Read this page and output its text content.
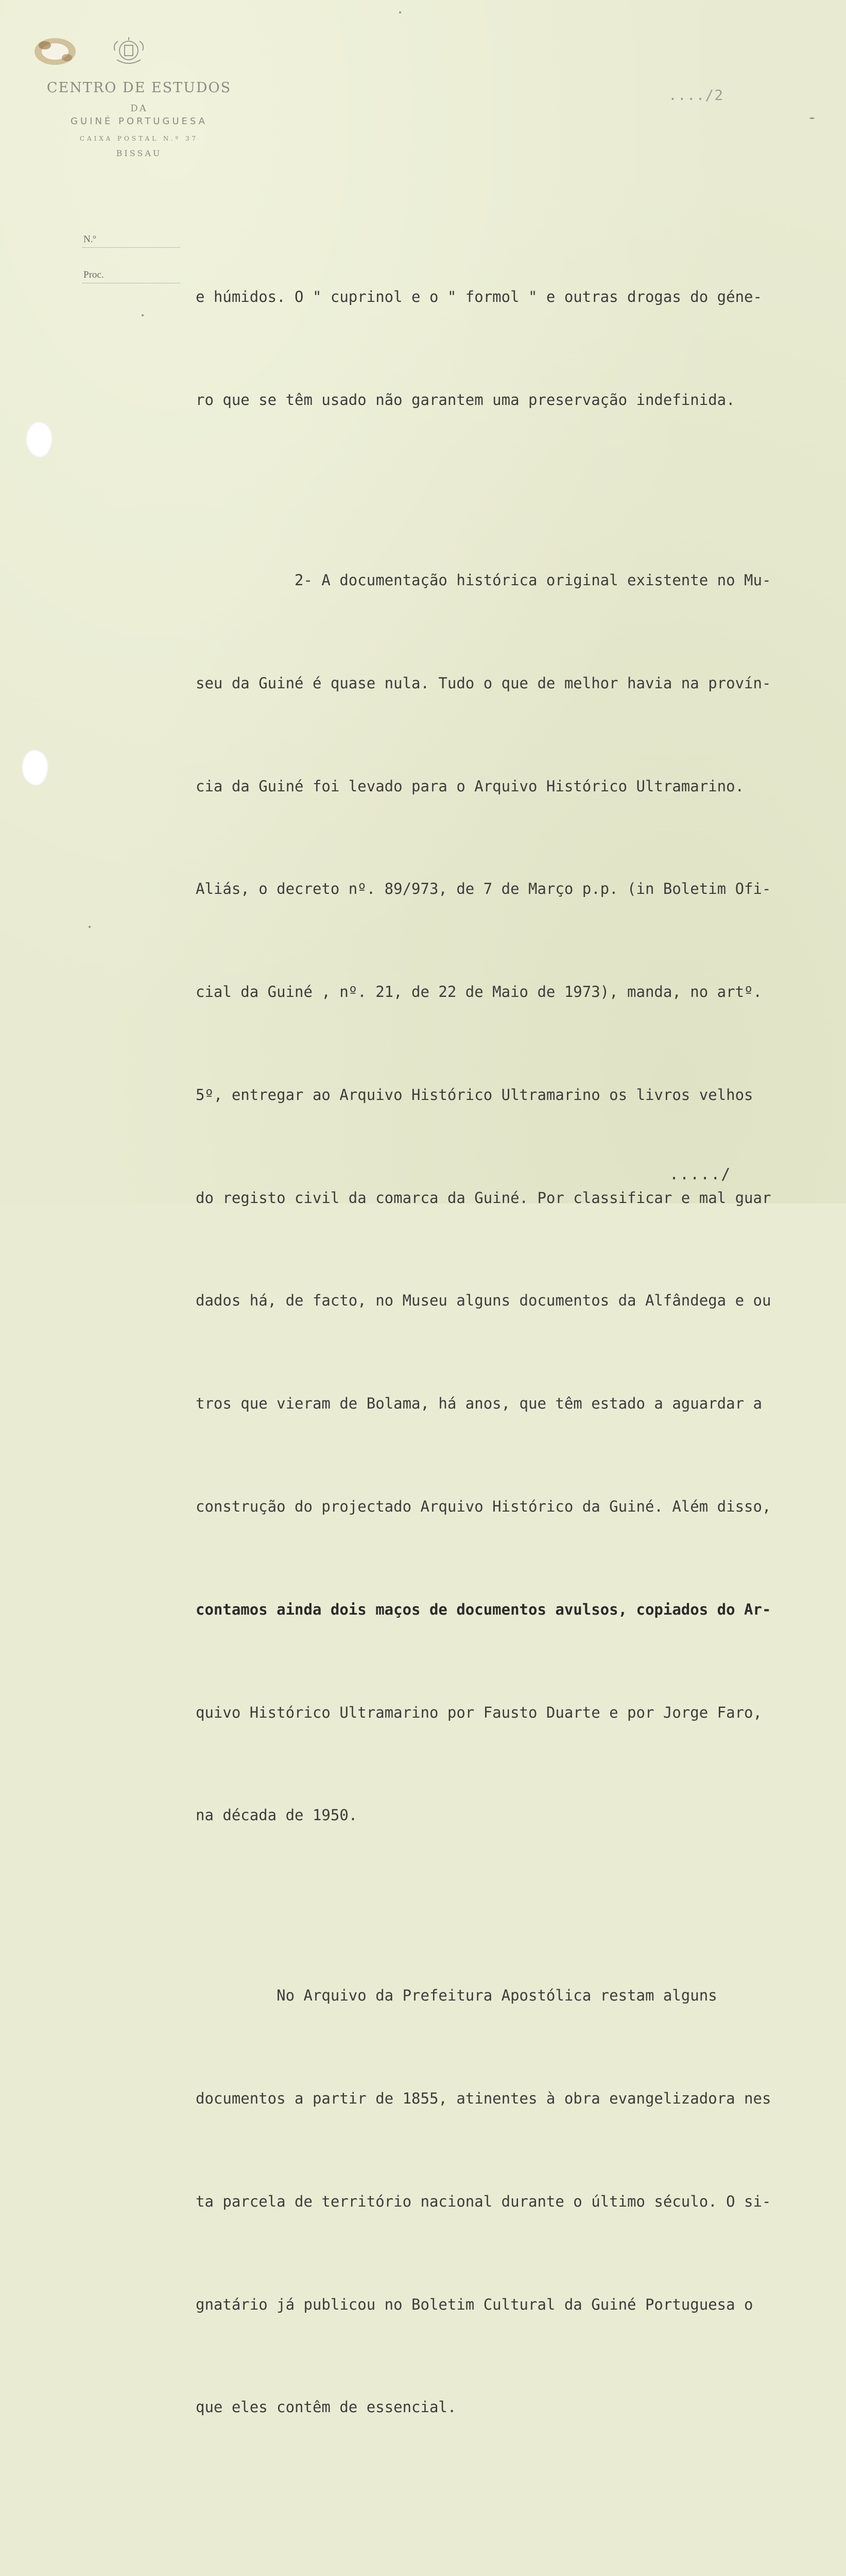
CENTRO DE ESTUDOS
DA
GUINÉ PORTUGUESA
CAIXA POSTAL N.º 37
BISSAU
..../2
N.º
Proc.

e húmidos. O " cuprinol e o " formol " e outras drogas do géne-

ro que se têm usado não garantem uma preservação indefinida.

2- A documentação histórica original existente no Mu-

seu da Guiné é quase nula. Tudo o que de melhor havia na provín-

cia da Guiné foi levado para o Arquivo Histórico Ultramarino.

Aliás, o decreto nº. 89/973, de 7 de Março p.p. (in Boletim Ofi-

cial da Guiné , nº. 21, de 22 de Maio de 1973), manda, no artº.

5º, entregar ao Arquivo Histórico Ultramarino os livros velhos

do registo civil da comarca da Guiné. Por classificar e mal guar

dados há, de facto, no Museu alguns documentos da Alfândega e ou

tros que vieram de Bolama, há anos, que têm estado a aguardar a

construção do projectado Arquivo Histórico da Guiné. Além disso,

contamos ainda dois maços de documentos avulsos, copiados do Ar-

quivo Histórico Ultramarino por Fausto Duarte e por Jorge Faro,

na década de 1950.

No Arquivo da Prefeitura Apostólica restam alguns

documentos a partir de 1855, atinentes à obra evangelizadora nes

ta parcela de território nacional durante o último século. O si-

gnatário já publicou no Boletim Cultural da Guiné Portuguesa o

que eles contêm de essencial.

...../
